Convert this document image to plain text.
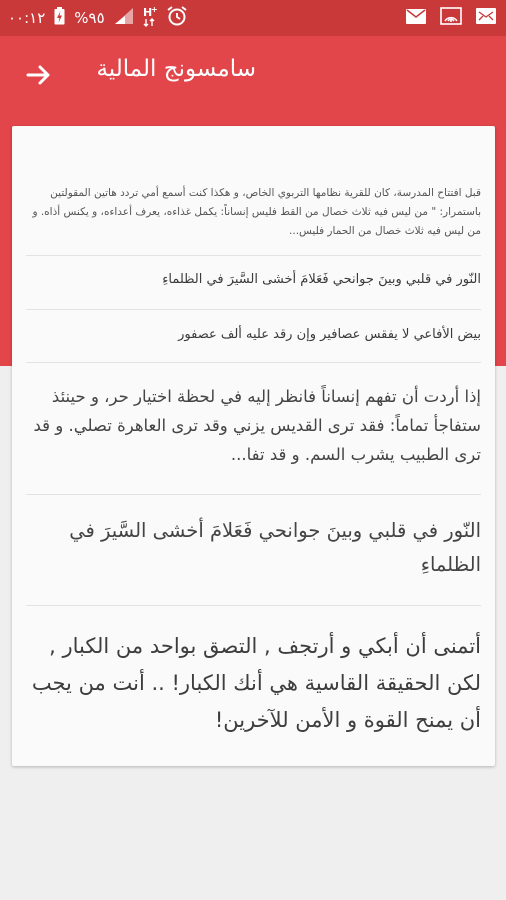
٠٠:١٢ %٩٥	H
+
سامسونج المالية
قبل افتتاح المدرسة، كان للقرية نظامها التربوي الخاص، و هكذا كنت أسمع أمي تردد هاتين المقولتين باستمرار: " من ليس فيه ثلاث خصال من القط فليس إنساناً: يكمل غذاءه، يعرف أعداءه، و يكنس أذاه. و من ليس فيه ثلاث خصال من الحمار فليس...
النّور في قلبي وبينَ جوانحي فَعَلامَ أخشى السَّيرَ في الظلماءِ
بيض الأفاعي لا يفقس عصافير وإن رقد عليه ألف عصفور
إذا أردت أن تفهم إنساناً فانظر إليه في لحظة اختيار حر، و حينئذ ستفاجأ تماماً: فقد ترى القديس يزني وقد ترى العاهرة تصلي. و قد ترى الطبيب يشرب السم. و قد تفا...
النّور في قلبي وبينَ جوانحي فَعَلامَ أخشى السَّيرَ في الظلماءِ
أتمنى أن أبكي و أرتجف , التصق بواحد من الكبار , لكن الحقيقة القاسية هي أنك الكبار! .. أنت من يجب أن يمنح القوة و الأمن للآخرين!
